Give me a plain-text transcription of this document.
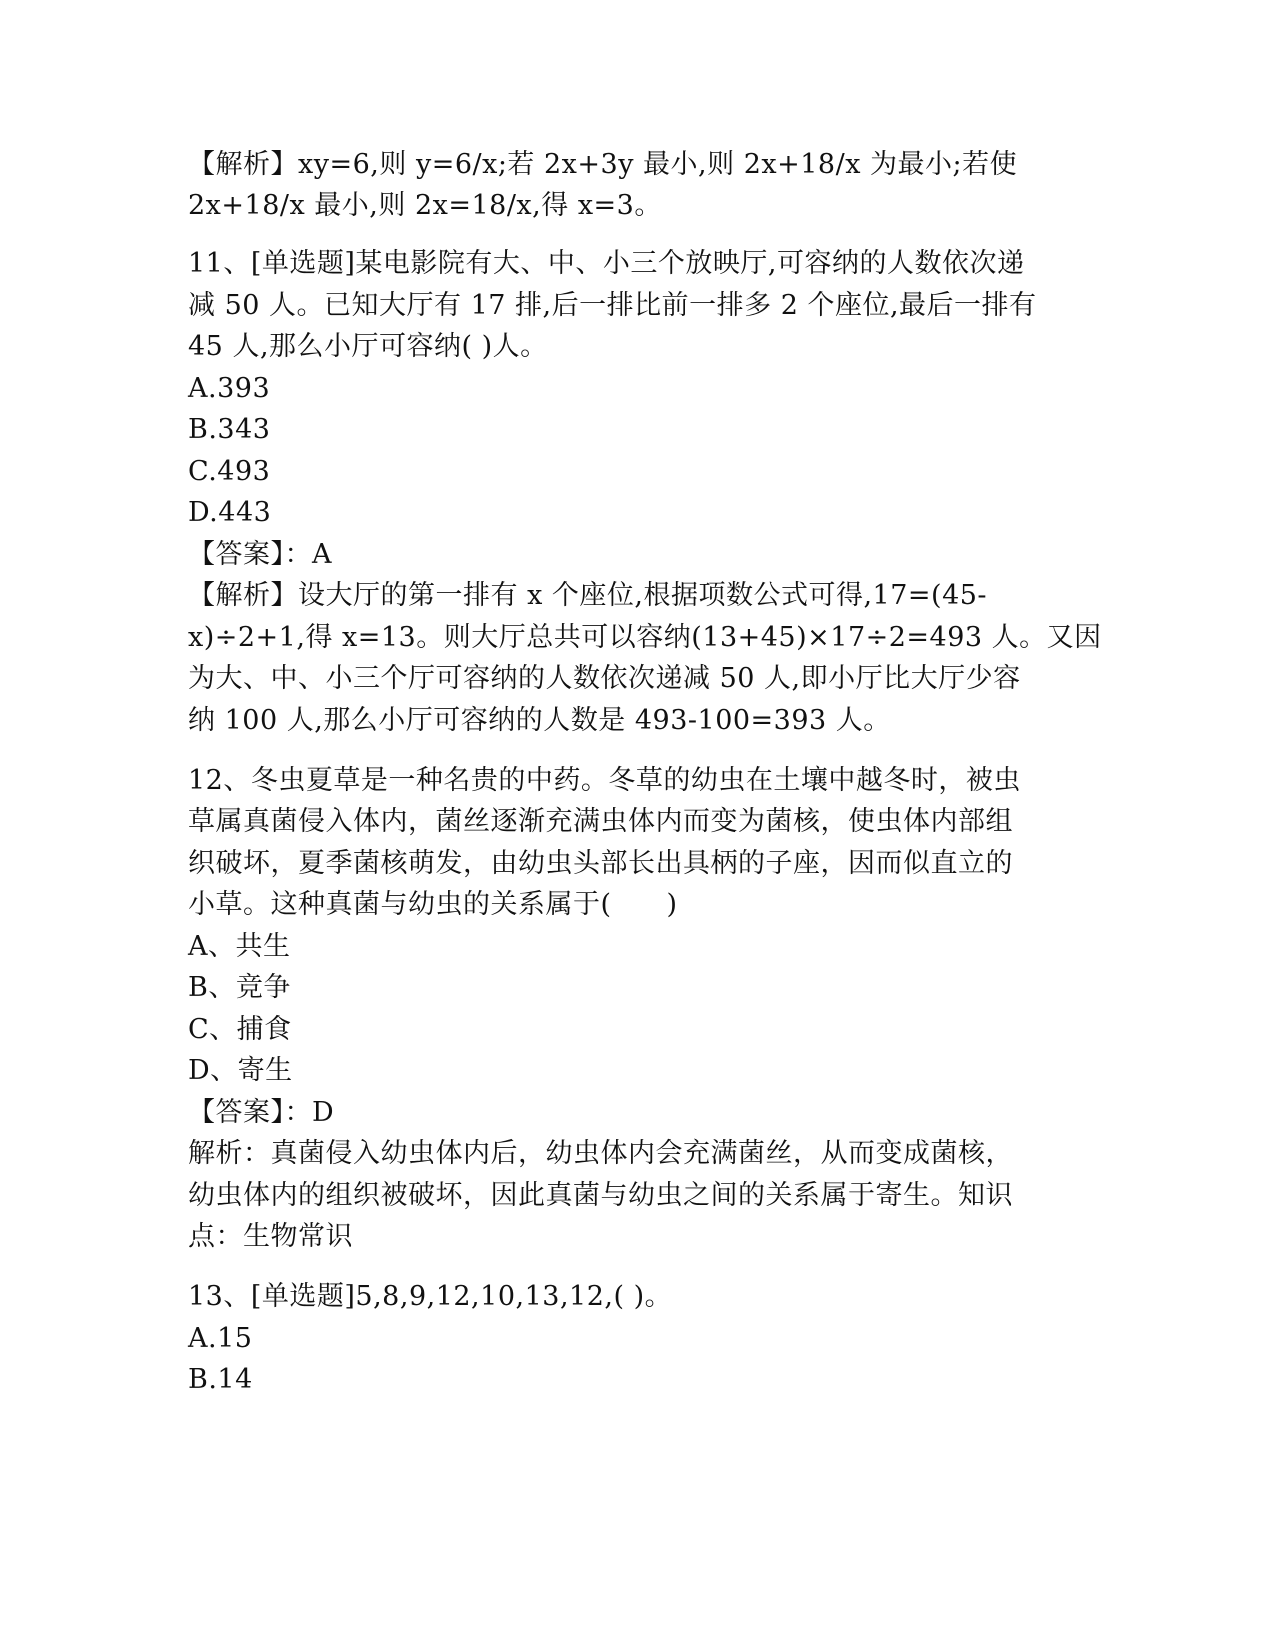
【解析】xy=6,则 y=6/x;若 2x+3y 最小,则 2x+18/x 为最小;若使
2x+18/x 最小,则 2x=18/x,得 x=3。
11、[单选题]某电影院有大、中、小三个放映厅,可容纳的人数依次递
减 50 人。已知大厅有 17 排,后一排比前一排多 2 个座位,最后一排有
45 人,那么小厅可容纳( )人。
A.393
B.343
C.493
D.443
【答案】：A
【解析】设大厅的第一排有 x 个座位,根据项数公式可得,17=(45-
x)÷2+1,得 x=13。则大厅总共可以容纳(13+45)×17÷2=493 人。又因
为大、中、小三个厅可容纳的人数依次递减 50 人,即小厅比大厅少容
纳 100 人,那么小厅可容纳的人数是 493-100=393 人。
12、冬虫夏草是一种名贵的中药。冬草的幼虫在土壤中越冬时，被虫
草属真菌侵入体内，菌丝逐渐充满虫体内而变为菌核，使虫体内部组
织破坏，夏季菌核萌发，由幼虫头部长出具柄的子座，因而似直立的
小草。这种真菌与幼虫的关系属于(　　)
A、共生
B、竞争
C、捕食
D、寄生
【答案】：D
解析：真菌侵入幼虫体内后，幼虫体内会充满菌丝，从而变成菌核，
幼虫体内的组织被破坏，因此真菌与幼虫之间的关系属于寄生。知识
点：生物常识
13、[单选题]5,8,9,12,10,13,12,( )。
A.15
B.14
